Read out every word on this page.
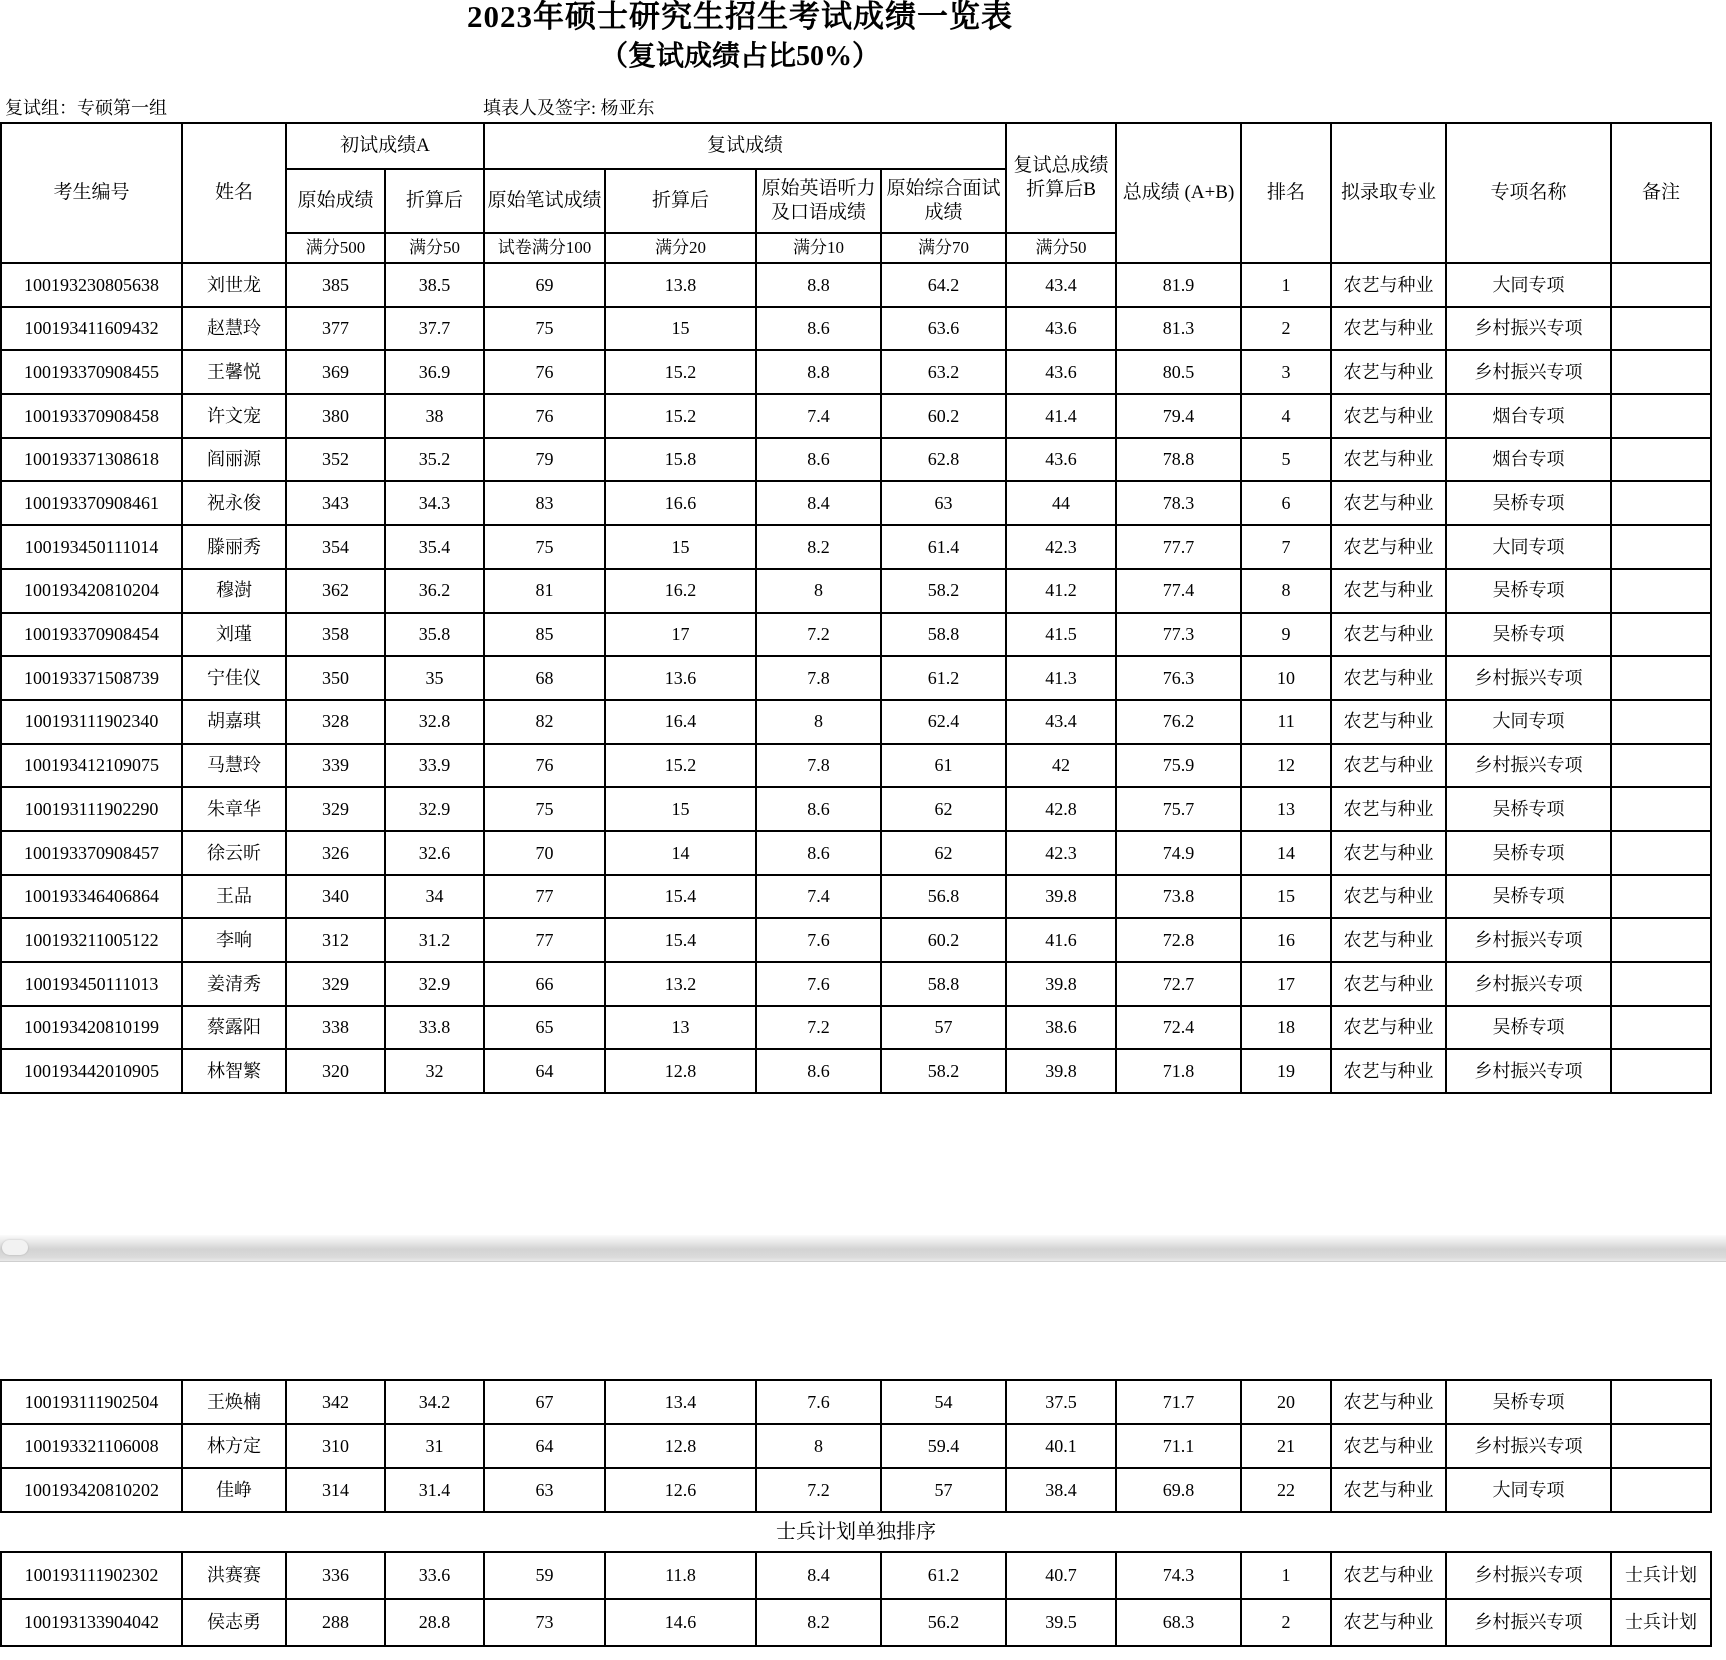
2023年硕士研究生招生考试成绩一览表
（复试成绩占比50%）
复试组：专硕第一组	填表人及签字: 杨亚东
考生编号	姓名	初试成绩A		复试成绩				复试总成绩折算后B	总成绩 (A+B)	排名	拟录取专业	专项名称	备注
		原始成绩	折算后	原始笔试成绩	折算后	原始英语听力及口语成绩	原始综合面试成绩						
		满分500	满分50	试卷满分100	满分20	满分10	满分70	满分50					
100193230805638	刘世龙	385	38.5	69	13.8	8.8	64.2	43.4	81.9	1	农艺与种业	大同专项	
100193411609432	赵慧玲	377	37.7	75	15	8.6	63.6	43.6	81.3	2	农艺与种业	乡村振兴专项	
100193370908455	王馨悦	369	36.9	76	15.2	8.8	63.2	43.6	80.5	3	农艺与种业	乡村振兴专项	
100193370908458	许文宠	380	38	76	15.2	7.4	60.2	41.4	79.4	4	农艺与种业	烟台专项	
100193371308618	阎丽源	352	35.2	79	15.8	8.6	62.8	43.6	78.8	5	农艺与种业	烟台专项	
100193370908461	祝永俊	343	34.3	83	16.6	8.4	63	44	78.3	6	农艺与种业	吴桥专项	
100193450111014	滕丽秀	354	35.4	75	15	8.2	61.4	42.3	77.7	7	农艺与种业	大同专项	
100193420810204	穆澍	362	36.2	81	16.2	8	58.2	41.2	77.4	8	农艺与种业	吴桥专项	
100193370908454	刘瑾	358	35.8	85	17	7.2	58.8	41.5	77.3	9	农艺与种业	吴桥专项	
100193371508739	宁佳仪	350	35	68	13.6	7.8	61.2	41.3	76.3	10	农艺与种业	乡村振兴专项	
100193111902340	胡嘉琪	328	32.8	82	16.4	8	62.4	43.4	76.2	11	农艺与种业	大同专项	
100193412109075	马慧玲	339	33.9	76	15.2	7.8	61	42	75.9	12	农艺与种业	乡村振兴专项	
100193111902290	朱章华	329	32.9	75	15	8.6	62	42.8	75.7	13	农艺与种业	吴桥专项	
100193370908457	徐云昕	326	32.6	70	14	8.6	62	42.3	74.9	14	农艺与种业	吴桥专项	
100193346406864	王品	340	34	77	15.4	7.4	56.8	39.8	73.8	15	农艺与种业	吴桥专项	
100193211005122	李响	312	31.2	77	15.4	7.6	60.2	41.6	72.8	16	农艺与种业	乡村振兴专项	
100193450111013	姜清秀	329	32.9	66	13.2	7.6	58.8	39.8	72.7	17	农艺与种业	乡村振兴专项	
100193420810199	蔡露阳	338	33.8	65	13	7.2	57	38.6	72.4	18	农艺与种业	吴桥专项	
100193442010905	林智繁	320	32	64	12.8	8.6	58.2	39.8	71.8	19	农艺与种业	乡村振兴专项	
100193111902504	王焕楠	342	34.2	67	13.4	7.6	54	37.5	71.7	20	农艺与种业	吴桥专项	
100193321106008	林方定	310	31	64	12.8	8	59.4	40.1	71.1	21	农艺与种业	乡村振兴专项	
100193420810202	佳峥	314	31.4	63	12.6	7.2	57	38.4	69.8	22	农艺与种业	大同专项	
士兵计划单独排序													
100193111902302	洪赛赛	336	33.6	59	11.8	8.4	61.2	40.7	74.3	1	农艺与种业	乡村振兴专项	士兵计划
100193133904042	侯志勇	288	28.8	73	14.6	8.2	56.2	39.5	68.3	2	农艺与种业	乡村振兴专项	士兵计划
